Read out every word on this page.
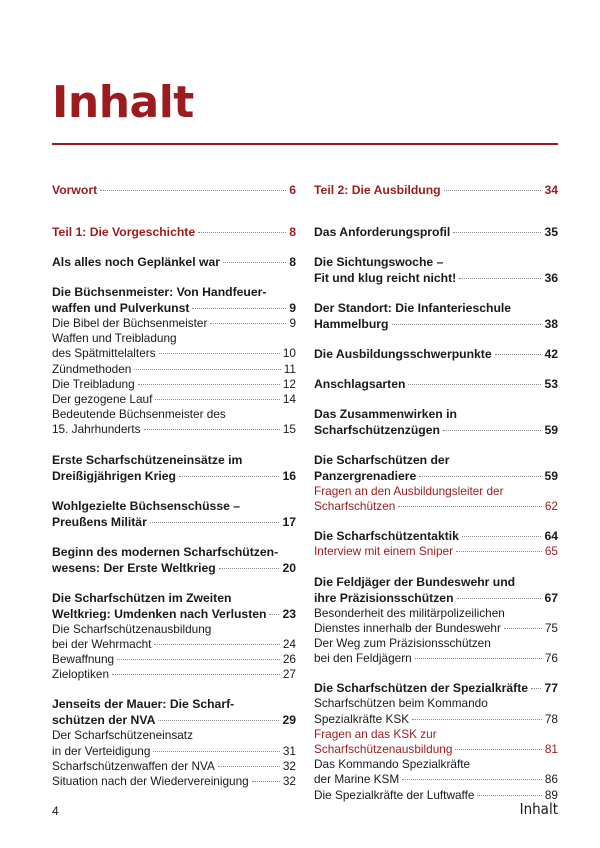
Inhalt
Vorwort	6
Teil 1: Die Vorgeschichte	8
Als alles noch Geplänkel war	8
Die Büchsenmeister: Von Handfeuer-
waffen und Pulverkunst	9
Die Bibel der Büchsenmeister	9
Waffen und Treibladung
des Spätmittelalters	10
Zündmethoden	11
Die Treibladung	12
Der gezogene Lauf	14
Bedeutende Büchsenmeister des
15. Jahrhunderts	15
Erste Scharfschützeneinsätze im
Dreißigjährigen Krieg	16
Wohlgezielte Büchsenschüsse –
Preußens Militär	17
Beginn des modernen Scharfschützen-
wesens: Der Erste Weltkrieg	20
Die Scharfschützen im Zweiten
Weltkrieg: Umdenken nach Verlusten 23
Die Scharfschützenausbildung
bei der Wehrmacht	24
Bewaffnung	26
Zieloptiken	27
Jenseits der Mauer: Die Scharf-
schützen der NVA	29
Der Scharfschützeneinsatz
in der Verteidigung	31
Scharfschützenwaffen der NVA	32
Situation nach der Wiedervereinigung	32
Teil 2: Die Ausbildung	34
Das Anforderungsprofil	35
Die Sichtungswoche –
Fit und klug reicht nicht!	36
Der Standort: Die Infanterieschule
Hammelburg	38
Die Ausbildungsschwerpunkte	42
Anschlagsarten	53
Das Zusammenwirken in
Scharfschützenzügen	59
Die Scharfschützen der
Panzergrenadiere	59
Fragen an den Ausbildungsleiter der
Scharfschützen	62
Die Scharfschützentaktik	64
Interview mit einem Sniper	65
Die Feldjäger der Bundeswehr und
ihre Präzisionsschützen	67
Besonderheit des militärpolizeilichen
Dienstes innerhalb der Bundeswehr	75
Der Weg zum Präzisionsschützen
bei den Feldjägern	76
Die Scharfschützen der Spezialkräfte 77
Scharfschützen beim Kommando
Spezialkräfte KSK	78
Fragen an das KSK zur
Scharfschützenausbildung	81
Das Kommando Spezialkräfte
der Marine KSM	86
Die Spezialkräfte der Luftwaffe	89
4	Inhalt
